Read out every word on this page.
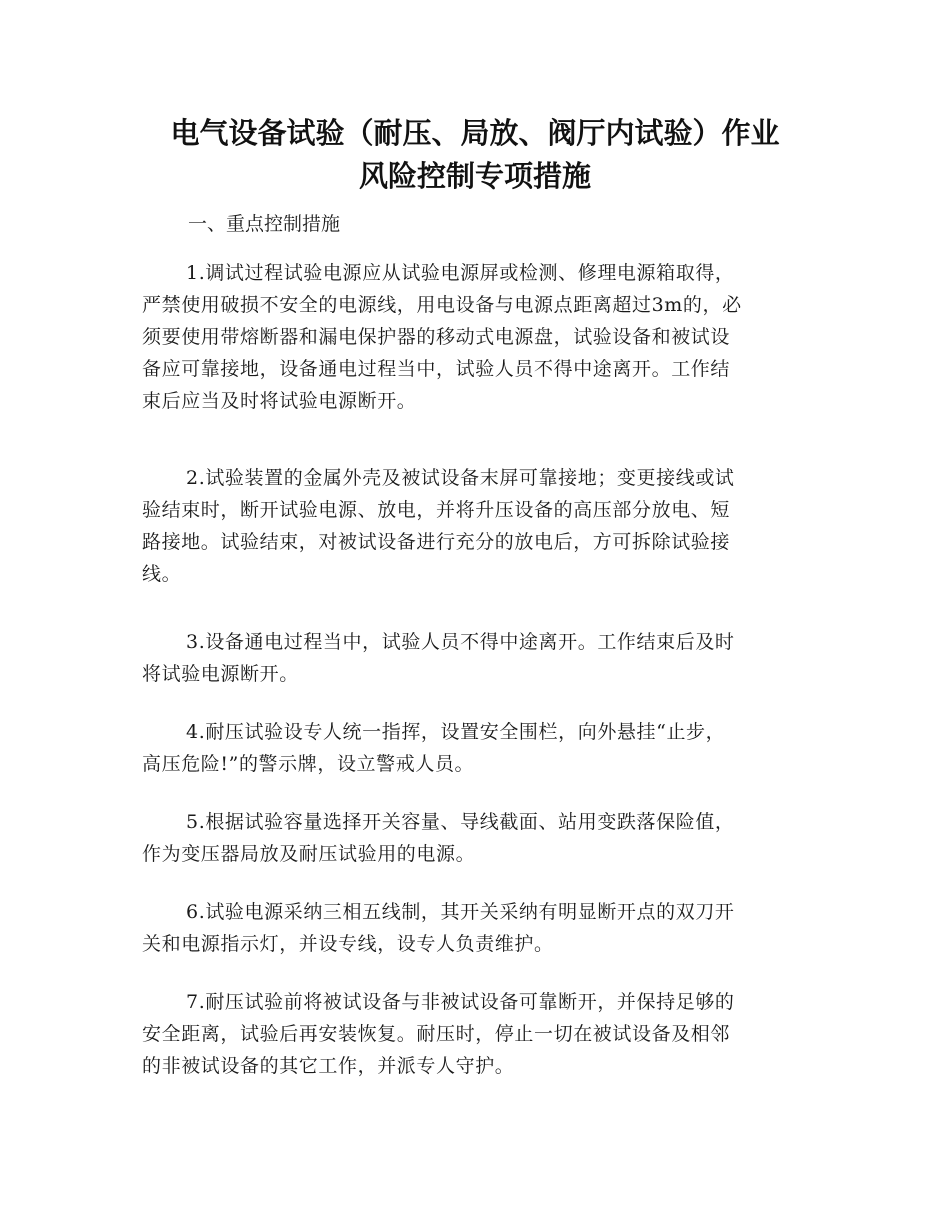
电气设备试验（耐压、局放、阀厅内试验）作业
风险控制专项措施

一、重点控制措施

1.调试过程试验电源应从试验电源屏或检测、修理电源箱取得，
严禁使用破损不安全的电源线，用电设备与电源点距离超过3m的，必
须要使用带熔断器和漏电保护器的移动式电源盘，试验设备和被试设
备应可靠接地，设备通电过程当中，试验人员不得中途离开。工作结
束后应当及时将试验电源断开。

2.试验装置的金属外壳及被试设备末屏可靠接地；变更接线或试
验结束时，断开试验电源、放电，并将升压设备的高压部分放电、短
路接地。试验结束，对被试设备进行充分的放电后，方可拆除试验接
线。

3.设备通电过程当中，试验人员不得中途离开。工作结束后及时
将试验电源断开。

4.耐压试验设专人统一指挥，设置安全围栏，向外悬挂“止步，
高压危险!”的警示牌，设立警戒人员。

5.根据试验容量选择开关容量、导线截面、站用变跌落保险值，
作为变压器局放及耐压试验用的电源。

6.试验电源采纳三相五线制，其开关采纳有明显断开点的双刀开
关和电源指示灯，并设专线，设专人负责维护。

7.耐压试验前将被试设备与非被试设备可靠断开，并保持足够的
安全距离，试验后再安装恢复。耐压时，停止一切在被试设备及相邻
的非被试设备的其它工作，并派专人守护。
